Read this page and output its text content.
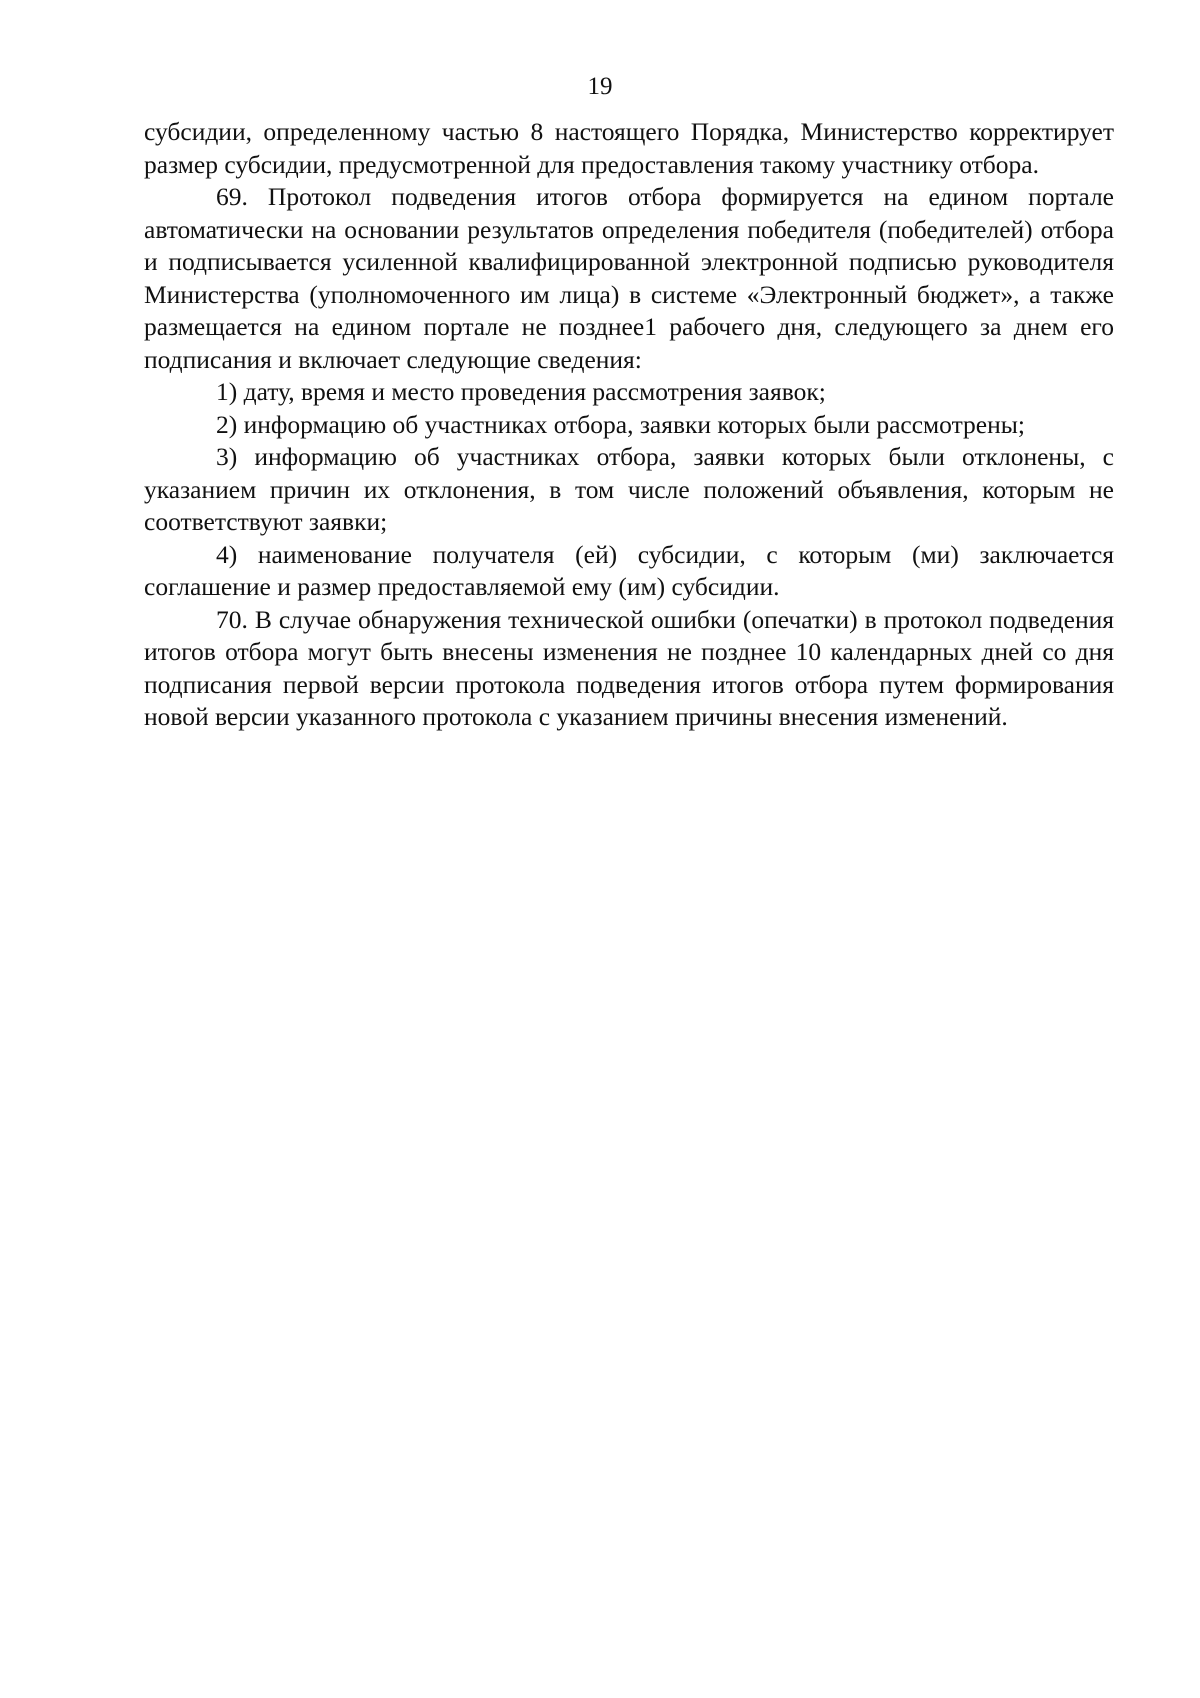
19

субсидии, определенному частью 8 настоящего Порядка, Министерство корректирует размер субсидии, предусмотренной для предоставления такому участнику отбора.

69. Протокол подведения итогов отбора формируется на едином портале автоматически на основании результатов определения победителя (победителей) отбора и подписывается усиленной квалифицированной электронной подписью руководителя Министерства (уполномоченного им лица) в системе «Электронный бюджет», а также размещается на едином портале не позднее1 рабочего дня, следующего за днем его подписания и включает следующие сведения:

1) дату, время и место проведения рассмотрения заявок;

2) информацию об участниках отбора, заявки которых были рассмотрены;

3) информацию об участниках отбора, заявки которых были отклонены, с указанием причин их отклонения, в том числе положений объявления, которым не соответствуют заявки;

4) наименование получателя (ей) субсидии, с которым (ми) заключается соглашение и размер предоставляемой ему (им) субсидии.

70. В случае обнаружения технической ошибки (опечатки) в протокол подведения итогов отбора могут быть внесены изменения не позднее 10 календарных дней со дня подписания первой версии протокола подведения итогов отбора путем формирования новой версии указанного протокола с указанием причины внесения изменений.
